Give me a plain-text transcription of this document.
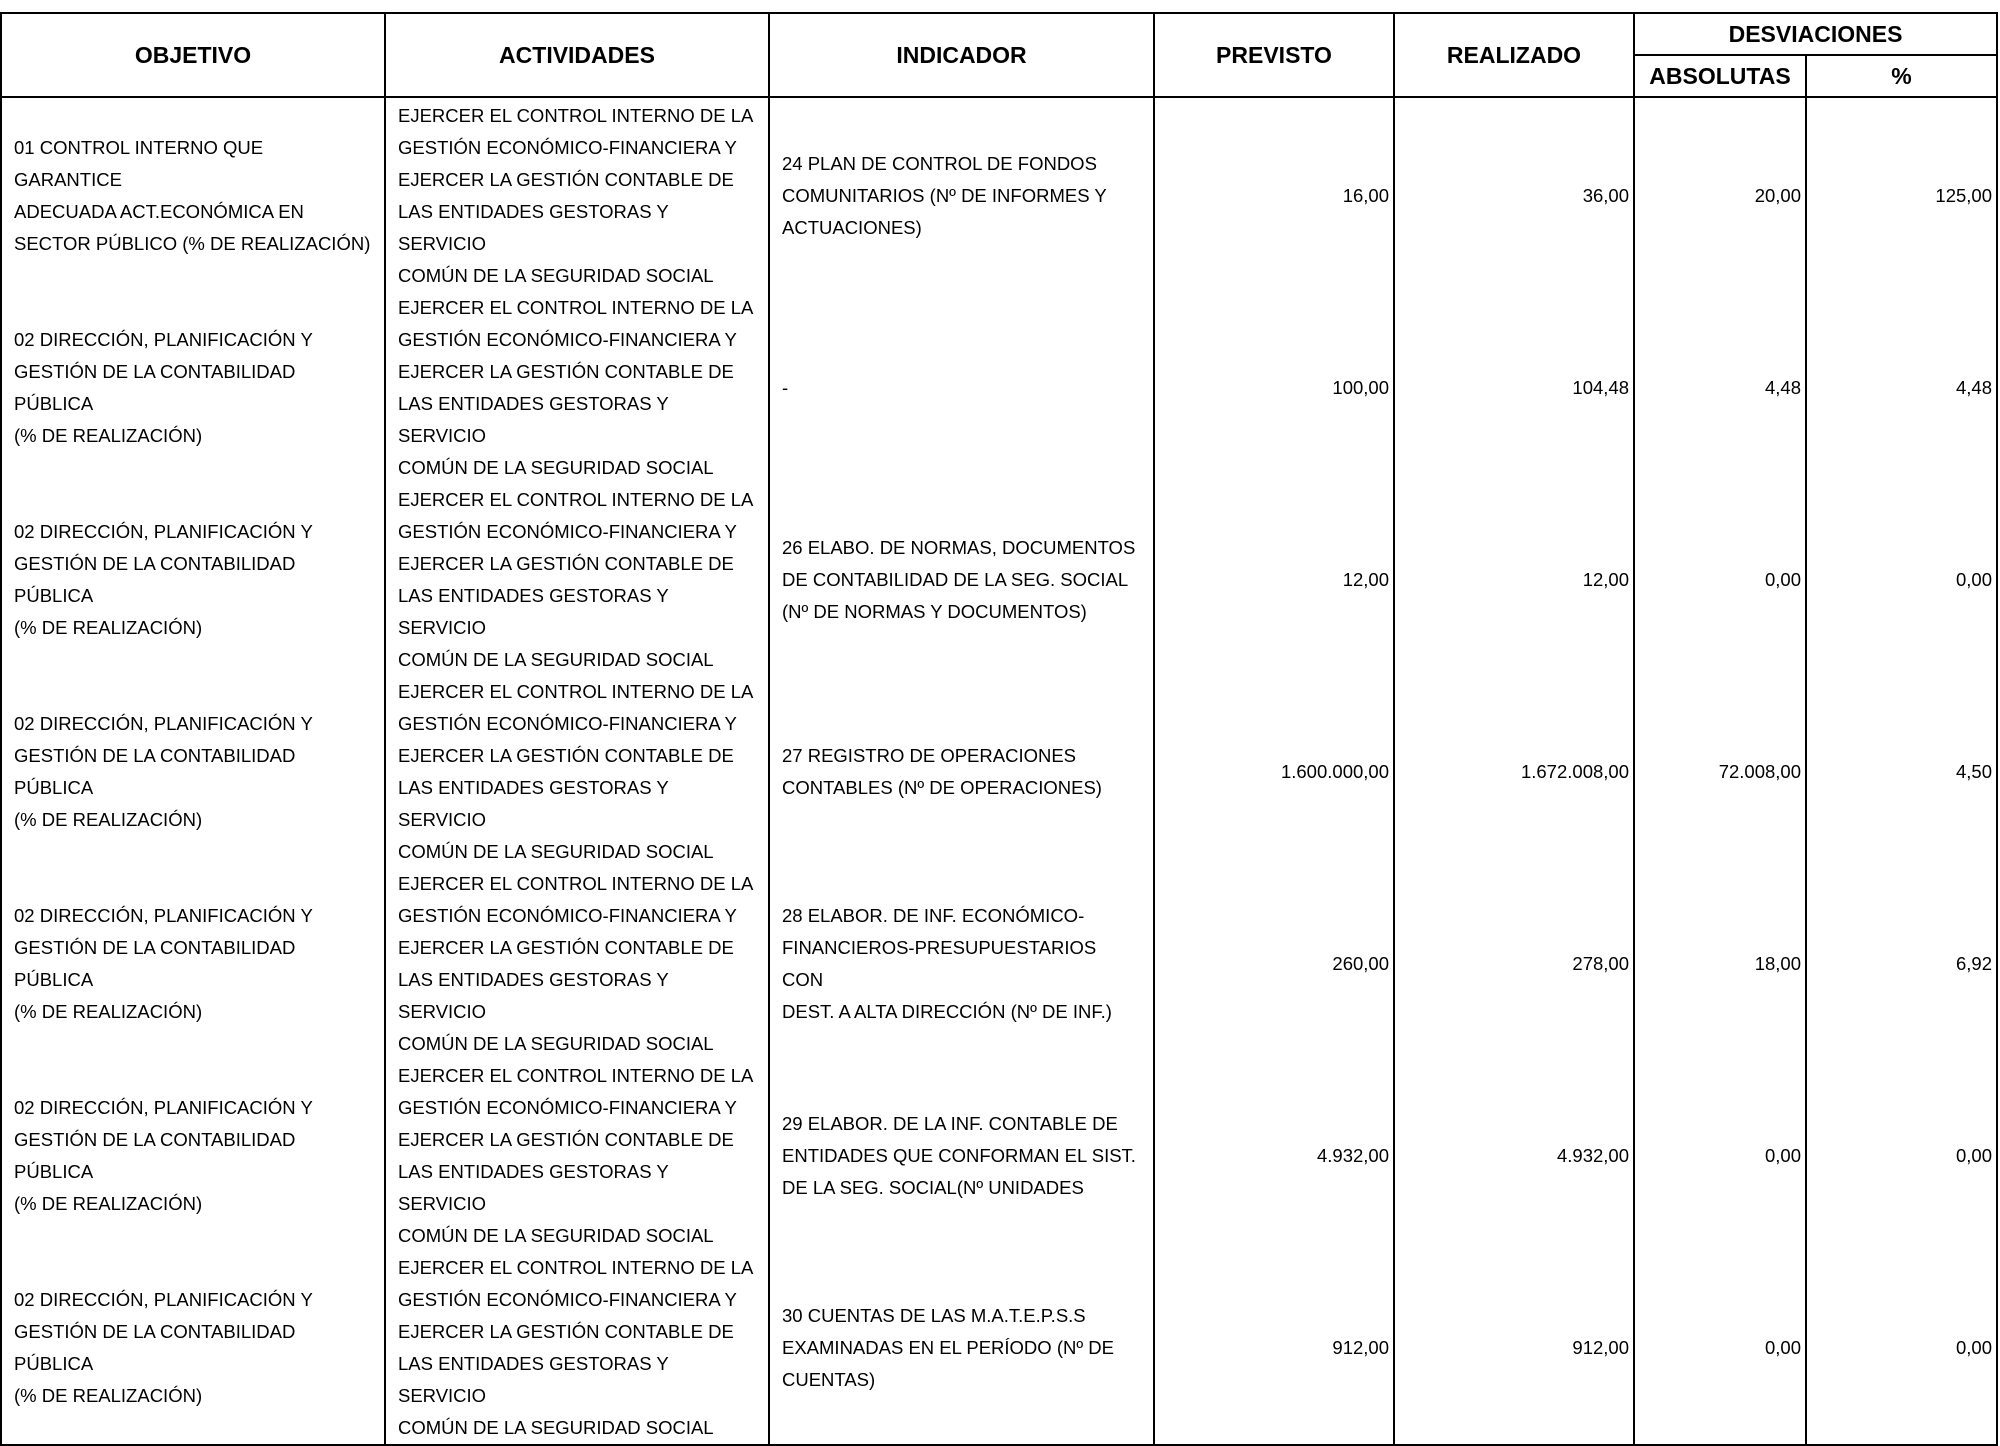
OBJETIVO	ACTIVIDADES	INDICADOR	PREVISTO	REALIZADO	DESVIACIONES	
					ABSOLUTAS	%

01 CONTROL INTERNO QUE GARANTICE
ADECUADA ACT.ECONÓMICA EN
SECTOR PÚBLICO (% DE REALIZACIÓN)	EJERCER EL CONTROL INTERNO DE LA
GESTIÓN ECONÓMICO-FINANCIERA Y
EJERCER LA GESTIÓN CONTABLE DE
LAS ENTIDADES GESTORAS Y SERVICIO
COMÚN DE LA SEGURIDAD SOCIAL	24 PLAN DE CONTROL DE FONDOS
COMUNITARIOS (Nº DE INFORMES Y
ACTUACIONES)	16,00	36,00	20,00	125,00

02 DIRECCIÓN, PLANIFICACIÓN Y
GESTIÓN DE LA CONTABILIDAD PÚBLICA
(% DE REALIZACIÓN)	EJERCER EL CONTROL INTERNO DE LA
GESTIÓN ECONÓMICO-FINANCIERA Y
EJERCER LA GESTIÓN CONTABLE DE
LAS ENTIDADES GESTORAS Y SERVICIO
COMÚN DE LA SEGURIDAD SOCIAL	-	100,00	104,48	4,48	4,48

02 DIRECCIÓN, PLANIFICACIÓN Y
GESTIÓN DE LA CONTABILIDAD PÚBLICA
(% DE REALIZACIÓN)	EJERCER EL CONTROL INTERNO DE LA
GESTIÓN ECONÓMICO-FINANCIERA Y
EJERCER LA GESTIÓN CONTABLE DE
LAS ENTIDADES GESTORAS Y SERVICIO
COMÚN DE LA SEGURIDAD SOCIAL	26 ELABO. DE NORMAS, DOCUMENTOS
DE CONTABILIDAD DE LA SEG. SOCIAL
(Nº DE NORMAS Y DOCUMENTOS)	12,00	12,00	0,00	0,00

02 DIRECCIÓN, PLANIFICACIÓN Y
GESTIÓN DE LA CONTABILIDAD PÚBLICA
(% DE REALIZACIÓN)	EJERCER EL CONTROL INTERNO DE LA
GESTIÓN ECONÓMICO-FINANCIERA Y
EJERCER LA GESTIÓN CONTABLE DE
LAS ENTIDADES GESTORAS Y SERVICIO
COMÚN DE LA SEGURIDAD SOCIAL	27 REGISTRO DE OPERACIONES
CONTABLES (Nº DE OPERACIONES)	1.600.000,00	1.672.008,00	72.008,00	4,50

02 DIRECCIÓN, PLANIFICACIÓN Y
GESTIÓN DE LA CONTABILIDAD PÚBLICA
(% DE REALIZACIÓN)	EJERCER EL CONTROL INTERNO DE LA
GESTIÓN ECONÓMICO-FINANCIERA Y
EJERCER LA GESTIÓN CONTABLE DE
LAS ENTIDADES GESTORAS Y SERVICIO
COMÚN DE LA SEGURIDAD SOCIAL	28 ELABOR. DE INF. ECONÓMICO-
FINANCIEROS-PRESUPUESTARIOS CON
DEST. A ALTA DIRECCIÓN (Nº DE INF.)	260,00	278,00	18,00	6,92

02 DIRECCIÓN, PLANIFICACIÓN Y
GESTIÓN DE LA CONTABILIDAD PÚBLICA
(% DE REALIZACIÓN)	EJERCER EL CONTROL INTERNO DE LA
GESTIÓN ECONÓMICO-FINANCIERA Y
EJERCER LA GESTIÓN CONTABLE DE
LAS ENTIDADES GESTORAS Y SERVICIO
COMÚN DE LA SEGURIDAD SOCIAL	29 ELABOR. DE LA INF. CONTABLE DE
ENTIDADES QUE CONFORMAN EL SIST.
DE LA SEG. SOCIAL(Nº UNIDADES	4.932,00	4.932,00	0,00	0,00

02 DIRECCIÓN, PLANIFICACIÓN Y
GESTIÓN DE LA CONTABILIDAD PÚBLICA
(% DE REALIZACIÓN)	EJERCER EL CONTROL INTERNO DE LA
GESTIÓN ECONÓMICO-FINANCIERA Y
EJERCER LA GESTIÓN CONTABLE DE
LAS ENTIDADES GESTORAS Y SERVICIO
COMÚN DE LA SEGURIDAD SOCIAL	30 CUENTAS DE LAS M.A.T.E.P.S.S
EXAMINADAS EN EL PERÍODO (Nº DE
CUENTAS)	912,00	912,00	0,00	0,00
